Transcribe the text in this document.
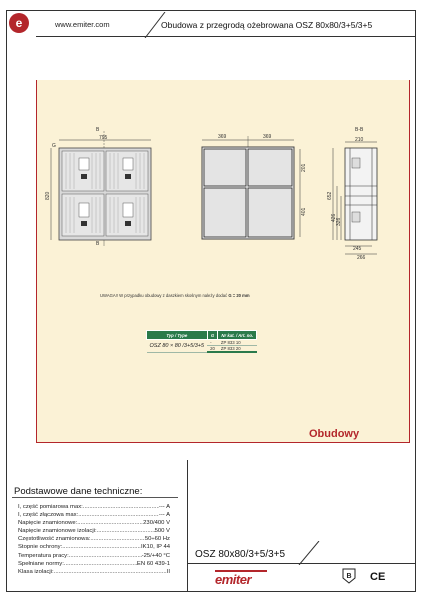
e	www.emiter.com	Obudowa z przegrodą ożebrowana OSZ 80x80/3+5/3+5
Obudowy
B
B
G
795
820
369	369
201
401
B-B
210
652
426 326
245
266
UWAGA!! W przypadku obudowy z daszkiem skośnym należy dodać G = 20 mm
Typ / Type	G	Nr kat. / Art. no.
OSZ 80 × 80 /3+5/3+5	-	ZP 833 10
	20	ZP 833 20
Podstawowe dane techniczne:
I, część pomiarowa max: .....	--- A
I, część złączowa max: .....	--- A
Napięcie znamionowe: .....	230/400 V
Napięcie znamionowe izolacji: .....	500 V
Częstotliwość znamionowa: .....	50÷60 Hz
Stopnie ochrony: .....	IK10, IP 44
Temperatura pracy: .....	-25/+40 °C
Spełniane normy: .....	EN 60 439-1
Klasa izolacji: .....	II
OSZ 80x80/3+5/3+5
emiter	B CE
